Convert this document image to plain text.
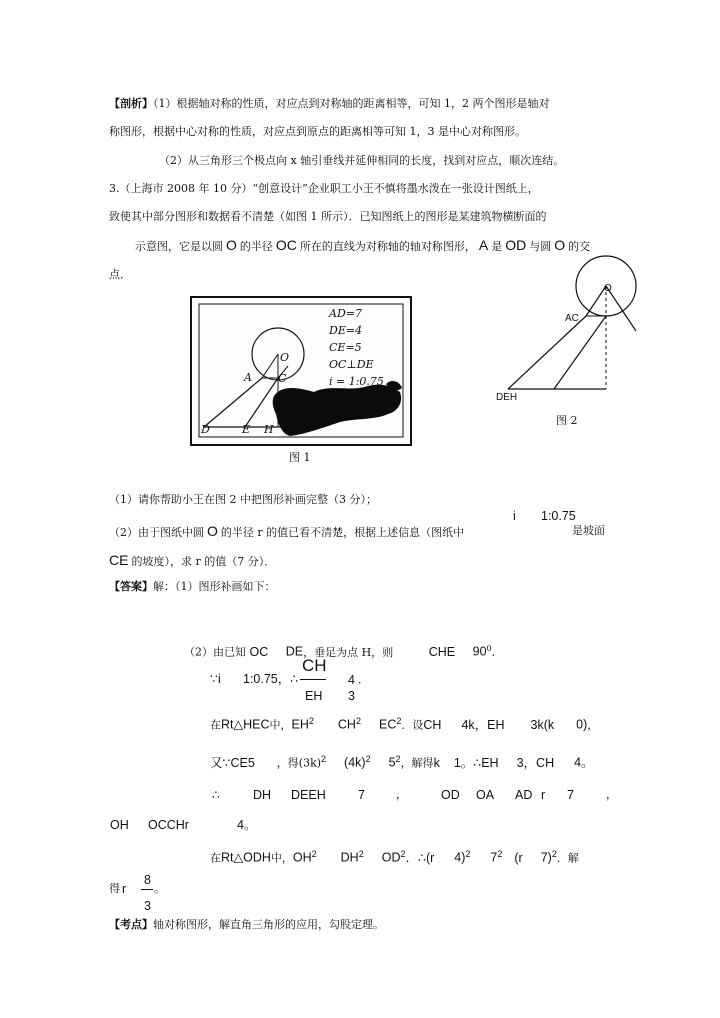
【剖析】（1）根据轴对称的性质，对应点到对称轴的距离相等，可知 1，2 两个图形是轴对
称图形，根据中心对称的性质，对应点到原点的距离相等可知 1，3 是中心对称图形。
（2）从三角形三个极点向 x 轴引垂线并延伸相同的长度，找到对应点，顺次连结。
3.（上海市 2008 年 10 分）“创意设计”企业职工小王不慎将墨水泼在一张设计图纸上，
致使其中部分图形和数据看不清楚（如图 1 所示）．已知图纸上的图形是某建筑物横断面的
示意图，它是以圆 O 的半径 OC 所在的直线为对称轴的轴对称图形， A 是 OD 与圆 O 的交
点．
O
A C
D	E H
AD=7
DE=4
CE=5
OC⊥DE
i = 1:0.75
r =
图 1
O
AC
DEH
图 2
（1）请你帮助小王在图 2 中把图形补画完整（3 分）；
i 1:0.75
（2）由于图纸中圆 O 的半径 r 的值已看不清楚，根据上述信息（图纸中	是坡面
CE 的坡度），求 r 的值（7 分）．
【答案】解：（1）图形补画如下：
（2）由已知 OC DE，垂足为点 H，则	CHE $90^0$．
∵i 1:0.75，∴
CH
EH
4
3
．
在Rt△HEC中，$EH^2$ $CH^2$ $EC^2$．设CH 4k，EH 3k(k 0)，
又∵CE5 ，得$(3k)^2$ $(4k)^2$ $5^2$，解得k 1。∴EH 3，CH 4。
∴	DH DEEH	7	，	OD OA AD r 7	，
OH OCCHr	4。
在Rt△ODH中，$OH^2$ $DH^2$ $OD^2$．∴(r 4)$^2$ $7^2$ (r 7)$^2$．解
得 r
8
3
。
【考点】轴对称图形，解直角三角形的应用，勾股定理。
